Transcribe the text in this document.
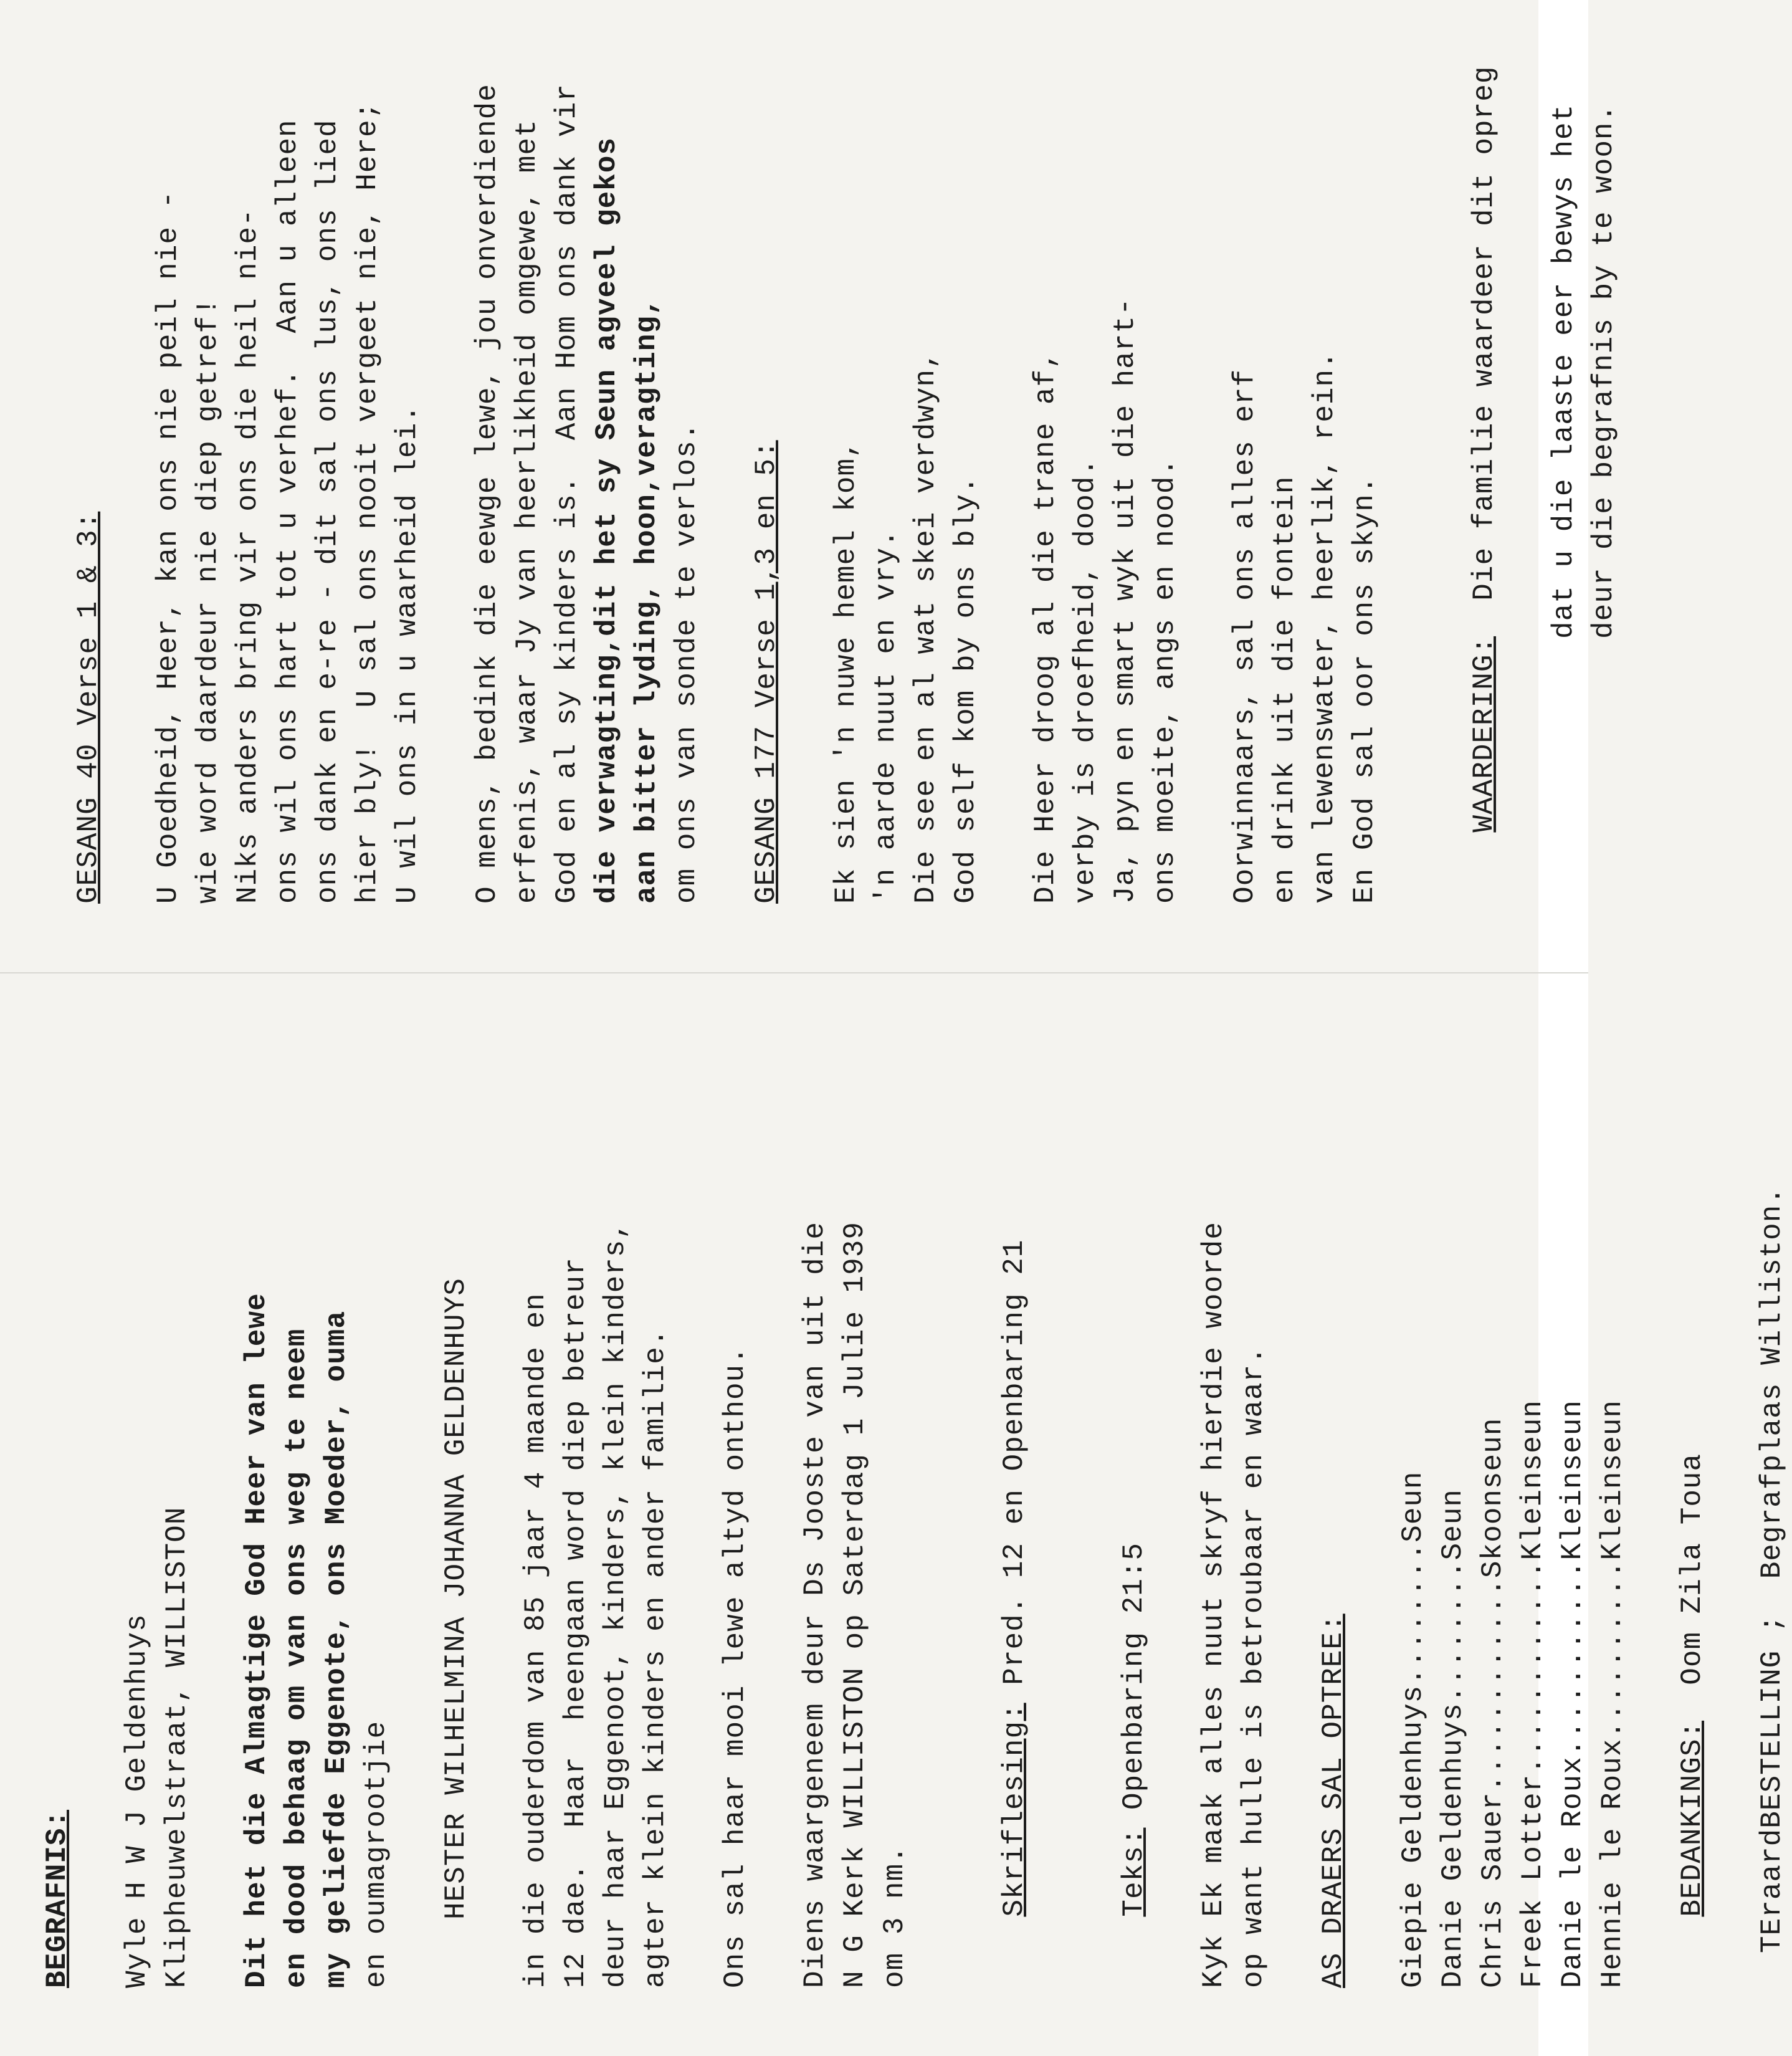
BEGRAFNIS: Wyle H W J Geldenhuys Klipheuwelstraat, WILLISTON Dit het die Almagtige God Heer van lewe en dood behaag om van ons weg te neem my geliefde Eggenote, ons Moeder, ouma en oumagrootjie HESTER WILHELMINA JOHANNA GELDENHUYS in die ouderdom van 85 jaar 4 maande en 12 dae.  Haar  heengaan word diep betreur deur haar Eggenoot, kinders, klein kinders, agter klein kinders en ander familie. Ons sal haar mooi lewe altyd onthou. Diens waargeneem deur Ds Jooste van uit die N G Kerk WILLISTON op Saterdag 1 Julie 1939 om 3 nm.	Skriflesing: Pred. 12 en Openbaring 21

Teks: Openbaring 21:5
	Kyk Ek maak alles nuut skryf hierdie woorde op want hulle is betroubaar en waar. AS DRAERS SAL OPTREE: Giepie Geldenhuys........Seun Danie Geldenhuys........Seun Chris Sauer............Skoonseun Freek Lotter............Kleinseun Danie le Roux...........Kleinseun Hennie le Roux..........Kleinseun	BEDANKINGS:  Oom Zila Toua
	TEraardBESTELLING ;  Begrafplaas Williston.
GESANG 40 Verse 1 & 3: U Goedheid, Heer, kan ons nie peil nie - wie word daardeur nie diep getref! Niks anders bring vir ons die heil nie- ons wil ons hart tot u verhef.  Aan u alleen ons dank en e-re - dit sal ons lus, ons lied hier bly!  U sal ons nooit vergeet nie, Here; U wil ons in u waarheid lei. O mens, bedink die eewge lewe, jou onverdiende erfenis, waar Jy van heerlikheid omgewe, met God en al sy kinders is.  Aan Hom ons dank vir die verwagting,dit het sy Seun agveel gekos aan bitter lyding, hoon,veragting, om ons van sonde te verlos. GESANG 177 Verse 1,3 en 5: Ek sien 'n nuwe hemel kom, 'n aarde nuut en vry. Die see en al wat skei verdwyn, God self kom by ons bly. Die Heer droog al die trane af, verby is droefheid, dood. Ja, pyn en smart wyk uit die hart- ons moeite, angs en nood. Oorwinnaars, sal ons alles erf en drink uit die fontein van lewenswater, heerlik, rein. En God sal oor ons skyn.	WAARDERING:  Die familie waardeer dit opreg
	dat u die laaste eer bewys het deur die begrafnis by te woon.
